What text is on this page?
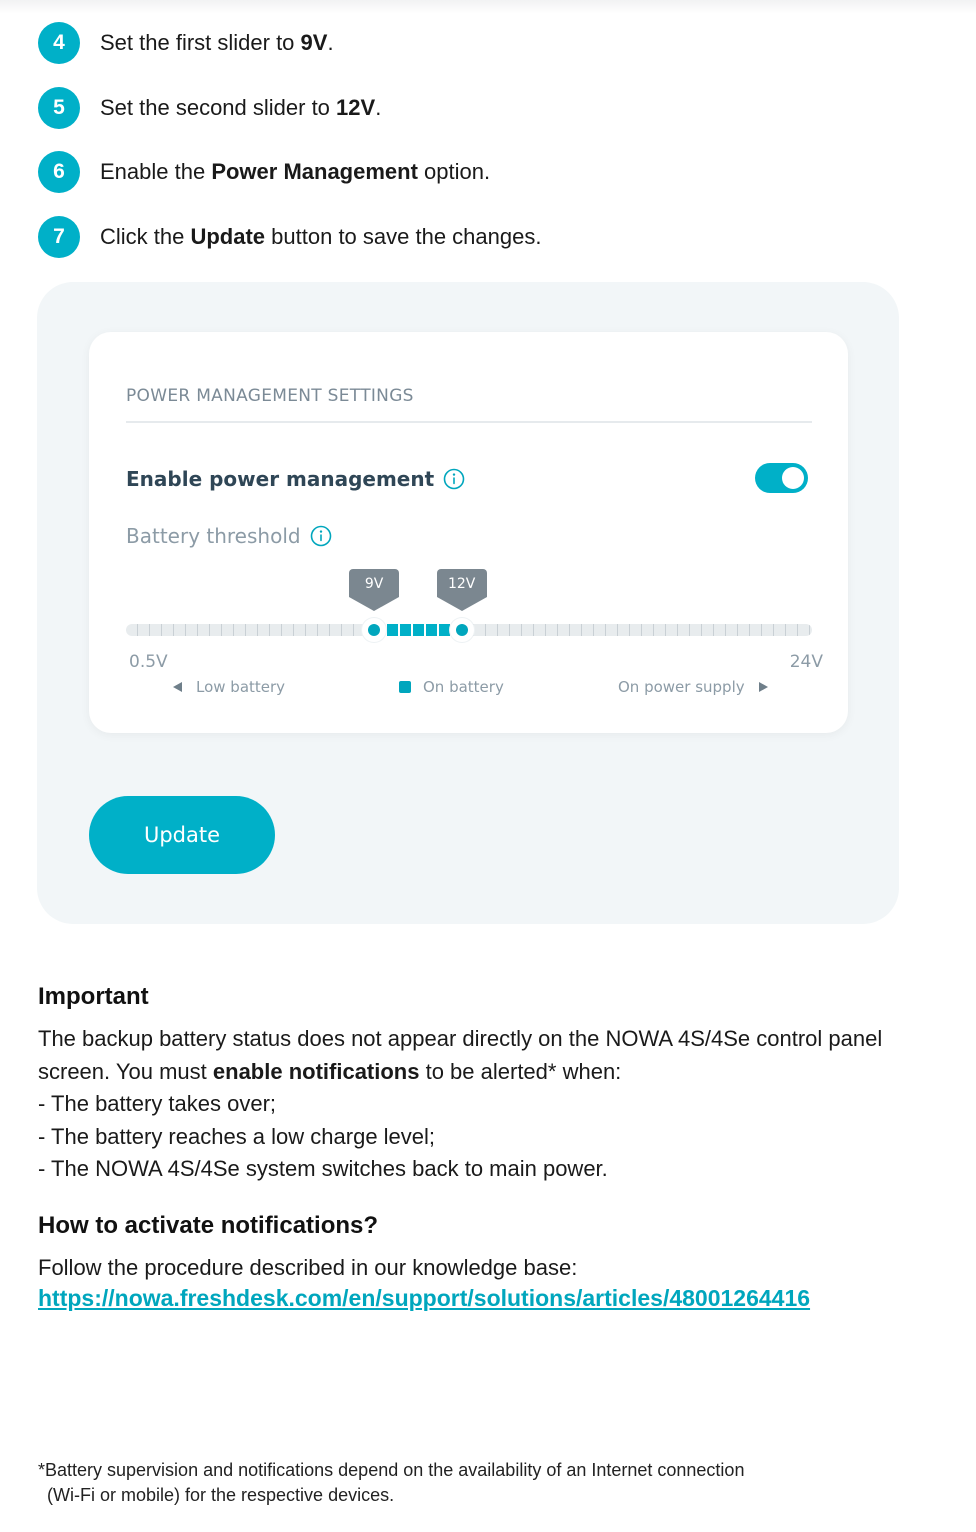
4	Set the first slider to 9V.
5	Set the second slider to 12V.
6	Enable the Power Management option.
7	Click the Update button to save the changes.
POWER MANAGEMENT SETTINGS
Enable power management
Battery threshold
9V	12V
0.5V	24V
Low battery	On battery	On power supply
Update
Important
The backup battery status does not appear directly on the NOWA 4S/4Se control panel screen. You must enable notifications to be alerted* when:
- The battery takes over;
- The battery reaches a low charge level;
- The NOWA 4S/4Se system switches back to main power.
How to activate notifications?
Follow the procedure described in our knowledge base:
https://nowa.freshdesk.com/en/support/solutions/articles/48001264416
*Battery supervision and notifications depend on the availability of an Internet connection
(Wi-Fi or mobile) for the respective devices.
